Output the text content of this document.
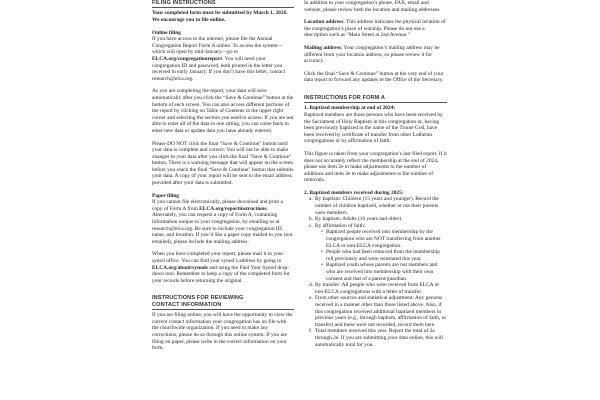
FILING INSTRUCTIONS

Your completed form must be submitted by March 1, 2026. We encourage you to file online.

Online filing

If you have access to the internet, please file the Annual Congregation Report Form A online. To access the system—which will open by mid-January—go to ELCA.org/congregationreport. You will need your congregation ID and password, both printed in the letter you received in early January. If you don’t have this letter, contact research@elca.org.

As you are completing the report, your data will save automatically after you click the “Save & Continue” button at the bottom of each screen. You can also access different portions of the report by clicking on Table of Contents in the upper right corner and selecting the section you need to access. If you are not able to enter all of the data in one sitting, you can come back to enter new data or update data you have already entered.

Please DO NOT click the final “Save & Continue” button until your data is complete and correct. You will not be able to make changes to your data after you click the final “Save & Continue” button. There is a warning message that will appear on the screen before you reach the final “Save & Continue” button that submits your data. A copy of your report will be sent to the email address provided after your data is submitted.

Paper filing

If you cannot file electronically, please download and print a copy of Form A from ELCA.org/reportinstructions. Alternately, you can request a copy of Form A, containing information unique to your congregation, by emailing us at research@elca.org. Be sure to include your congregation ID, name, and location. If you’d like a paper copy mailed to you (not emailed), please include the mailing address.

When you have completed your report, please mail it to your synod office. You can find your synod’s address by going to ELCA.org/about/synods and using the Find Your Synod drop-down tool. Remember to keep a copy of the completed form for your records before returning the original.

INSTRUCTIONS FOR REVIEWING
CONTACT INFORMATION

If you are filing online, you will have the opportunity to view the current contact information your congregation has on file with the churchwide organization. If you need to make any corrections, please do so through this online system. If you are filing on paper, please write in the correct information on your form.

In addition to your congregation’s phone, FAX, email and website, please review both the location and mailing addresses.

Location address: This address indicates the physical location of the congregation’s place of worship. Please do not use a description such as “Main Street at 2nd Avenue.”

Mailing address: Your congregation’s mailing address may be different from your location address, so please review it for accuracy.

Click the final “Save & Continue” button at the very end of your data report to forward any updates to the Office of the Secretary.

INSTRUCTIONS FOR FORM A
1. Baptized membership at end of 2024:

Baptized members are those persons who have been received by the Sacrament of Holy Baptism in this congregation or, having been previously baptized in the name of the Triune God, have been received by certificate of transfer from other Lutheran congregations or by affirmation of faith.

This figure is taken from your congregation’s last filed report. If it does not accurately reflect the membership at the end of 2024, please use item 2e to make adjustments to the number of additions and item 3e to make adjustments to the number of removals.

2. Baptized members received during 2025:
a. By baptism: Children (15 years and younger). Record the number of children baptized, whether or not their parents were members.
b. By baptism: Adults (16 years and older).
c. By affirmation of faith:
• Baptized people received into membership by the congregation who are NOT transferring from another ELCA or non-ELCA congregation.
• People who had been removed from the membership roll previously and were reinstated this year.
• Baptized youth whose parents are not members and who are received into membership with their own consent and that of a parent/guardian.
d. By transfer: All people who were received from ELCA or non-ELCA congregations with a letter of transfer.
e. From other sources and statistical adjustment: Any persons received in a manner other than those listed above. Also, if this congregation received additional baptized members in previous years (e.g., through baptism, affirmation of faith, or transfer) and these were not recorded, record them here.
f. Total members received this year. Report the total of 2a through 2e. If you are submitting your data online, this will automatically total for you.
